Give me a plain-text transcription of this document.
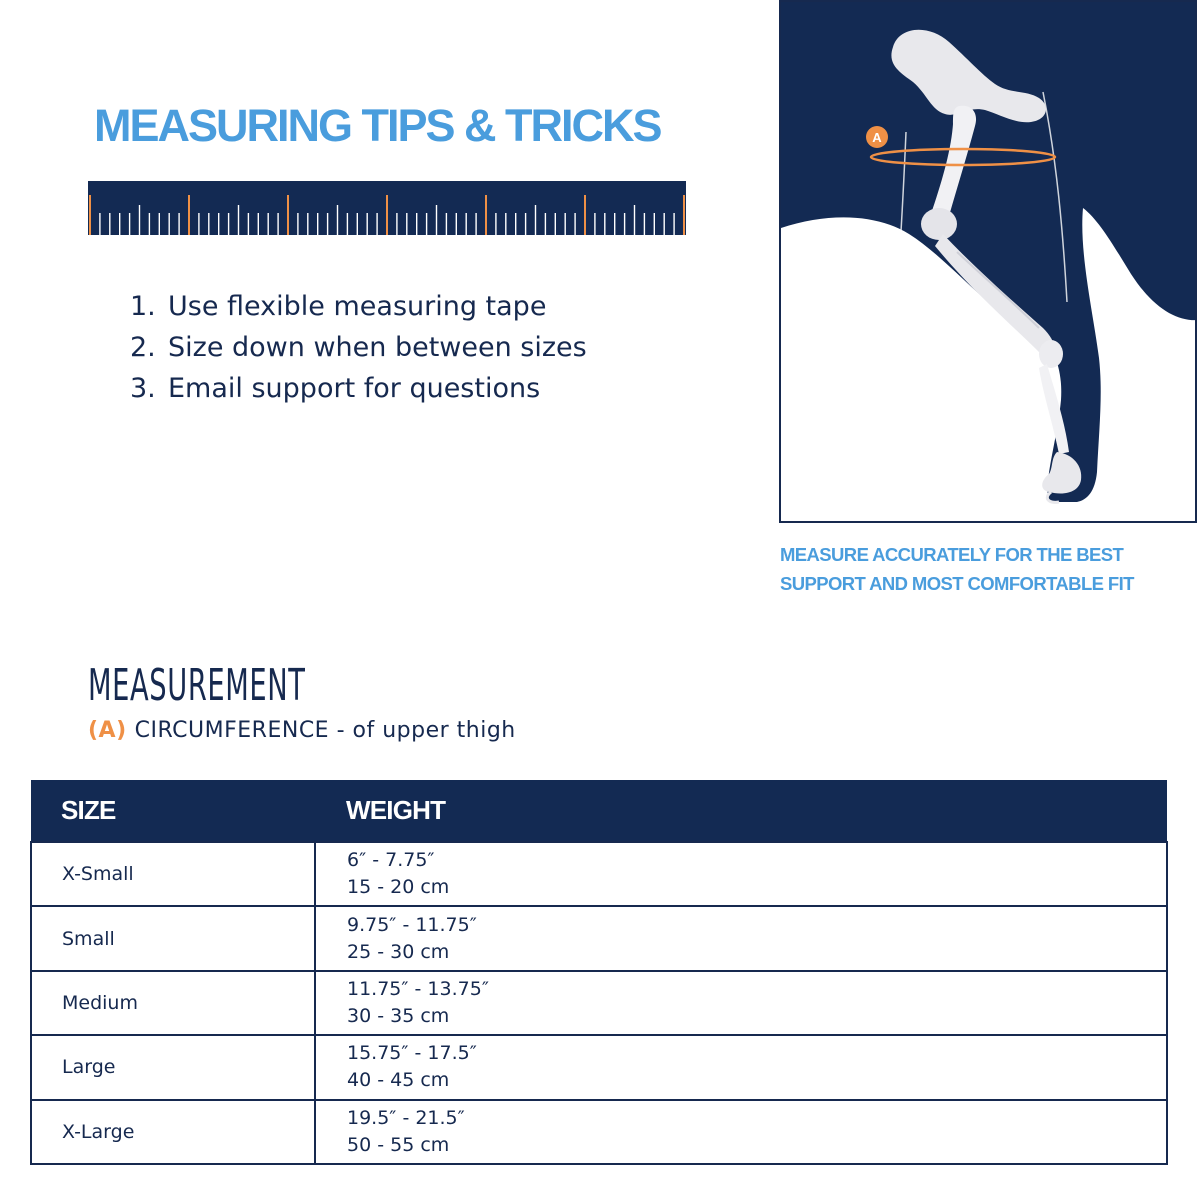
MEASURING TIPS & TRICKS
1. Use flexible measuring tape
2. Size down when between sizes
3. Email support for questions
A

MEASURE ACCURATELY FOR THE BEST
SUPPORT AND MOST COMFORTABLE FIT

MEASUREMENT

(A) CIRCUMFERENCE - of upper thigh

SIZE	WEIGHT
X-Small	6″ - 7.75″
15 - 20 cm

Small	9.75″ - 11.75″
25 - 30 cm

Medium	11.75″ - 13.75″
30 - 35 cm

Large	15.75″ - 17.5″
40 - 45 cm

X-Large	19.5″ - 21.5″
50 - 55 cm
